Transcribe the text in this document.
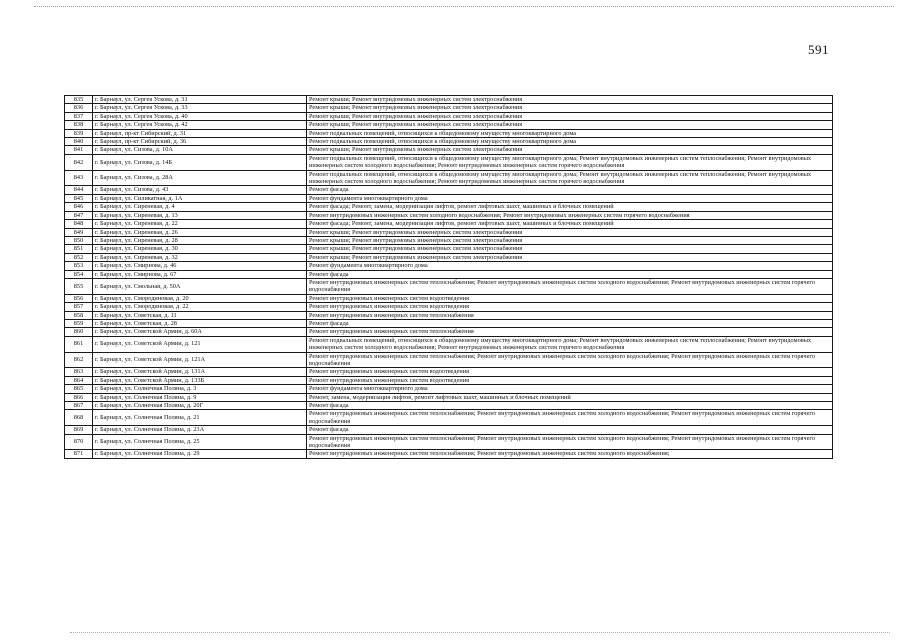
591
835	г. Барнаул, ул. Сергея Ускова, д. 31	Ремонт крыши; Ремонт внутридомовых инженерных систем электроснабжения
836	г. Барнаул, ул. Сергея Ускова, д. 33	Ремонт крыши; Ремонт внутридомовых инженерных систем электроснабжения
837	г. Барнаул, ул. Сергея Ускова, д. 40	Ремонт крыши; Ремонт внутридомовых инженерных систем электроснабжения
838	г. Барнаул, ул. Сергея Ускова, д. 42	Ремонт крыши; Ремонт внутридомовых инженерных систем электроснабжения
839	г. Барнаул, пр-кт Сибирский, д. 31	Ремонт подвальных помещений, относящихся к общедомовому имуществу многоквартирного дома
840	г. Барнаул, пр-кт Сибирский, д. 36	Ремонт подвальных помещений, относящихся к общедомовому имуществу многоквартирного дома
841	г. Барнаул, ул. Сизова, д. 10А	Ремонт крыши; Ремонт внутридомовых инженерных систем электроснабжения
842	г. Барнаул, ул. Сизова, д. 14Б	Ремонт подвальных помещений, относящихся к общедомовому имуществу многоквартирного дома; Ремонт внутридомовых инженерных систем теплоснабжения; Ремонт внутридомовых инженерных систем холодного водоснабжения; Ремонт внутридомовых инженерных систем горячего водоснабжения
843	г. Барнаул, ул. Сизова, д. 28А	Ремонт подвальных помещений, относящихся к общедомовому имуществу многоквартирного дома; Ремонт внутридомовых инженерных систем теплоснабжения; Ремонт внутридомовых инженерных систем холодного водоснабжения; Ремонт внутридомовых инженерных систем горячего водоснабжения
844	г. Барнаул, ул. Сизова, д. 43	Ремонт фасада
845	г. Барнаул, ул. Силикатная, д. 1А	Ремонт фундамента многоквартирного дома
846	г. Барнаул, ул. Сиреневая, д. 4	Ремонт фасада; Ремонт, замена, модернизация лифтов, ремонт лифтовых шахт, машинных и блочных помещений
847	г. Барнаул, ул. Сиреневая, д. 13	Ремонт внутридомовых инженерных систем холодного водоснабжения; Ремонт внутридомовых инженерных систем горячего водоснабжения
848	г. Барнаул, ул. Сиреневая, д. 22	Ремонт фасада; Ремонт, замена, модернизация лифтов, ремонт лифтовых шахт, машинных и блочных помещений
849	г. Барнаул, ул. Сиреневая, д. 26	Ремонт крыши; Ремонт внутридомовых инженерных систем электроснабжения
850	г. Барнаул, ул. Сиреневая, д. 28	Ремонт крыши; Ремонт внутридомовых инженерных систем электроснабжения
851	г. Барнаул, ул. Сиреневая, д. 30	Ремонт крыши; Ремонт внутридомовых инженерных систем электроснабжения
852	г. Барнаул, ул. Сиреневая, д. 32	Ремонт крыши; Ремонт внутридомовых инженерных систем электроснабжения
853	г. Барнаул, ул. Смирнова, д. 46	Ремонт фундамента многоквартирного дома
854	г. Барнаул, ул. Смирнова, д. 67	Ремонт фасада
855	г. Барнаул, ул. Смольная, д. 50А	Ремонт внутридомовых инженерных систем теплоснабжения; Ремонт внутридомовых инженерных систем холодного водоснабжения; Ремонт внутридомовых инженерных систем горячего водоснабжения
856	г. Барнаул, ул. Смородиновая, д. 20	Ремонт внутридомовых инженерных систем водоотведения
857	г. Барнаул, ул. Смородиновая, д. 22	Ремонт внутридомовых инженерных систем водоотведения
858	г. Барнаул, ул. Советская, д. 11	Ремонт внутридомовых инженерных систем теплоснабжения
859	г. Барнаул, ул. Советская, д. 28	Ремонт фасада
860	г. Барнаул, ул. Советской Армии, д. 60А	Ремонт внутридомовых инженерных систем теплоснабжения
861	г. Барнаул, ул. Советской Армии, д. 121	Ремонт подвальных помещений, относящихся к общедомовому имуществу многоквартирного дома; Ремонт внутридомовых инженерных систем теплоснабжения; Ремонт внутридомовых инженерных систем холодного водоснабжения; Ремонт внутридомовых инженерных систем горячего водоснабжения
862	г. Барнаул, ул. Советской Армии, д. 121А	Ремонт внутридомовых инженерных систем теплоснабжения; Ремонт внутридомовых инженерных систем холодного водоснабжения; Ремонт внутридомовых инженерных систем горячего водоснабжения
863	г. Барнаул, ул. Советской Армии, д. 131А	Ремонт внутридомовых инженерных систем водоотведения
864	г. Барнаул, ул. Советской Армии, д. 133Б	Ремонт внутридомовых инженерных систем водоотведения
865	г. Барнаул, ул. Солнечная Поляна, д. 3	Ремонт фундамента многоквартирного дома
866	г. Барнаул, ул. Солнечная Поляна, д. 9	Ремонт, замена, модернизация лифтов, ремонт лифтовых шахт, машинных и блочных помещений
867	г. Барнаул, ул. Солнечная Поляна, д. 20Г	Ремонт фасада
868	г. Барнаул, ул. Солнечная Поляна, д. 21	Ремонт внутридомовых инженерных систем теплоснабжения; Ремонт внутридомовых инженерных систем холодного водоснабжения; Ремонт внутридомовых инженерных систем горячего водоснабжения
869	г. Барнаул, ул. Солнечная Поляна, д. 23А	Ремонт фасада
870	г. Барнаул, ул. Солнечная Поляна, д. 25	Ремонт внутридомовых инженерных систем теплоснабжения; Ремонт внутридомовых инженерных систем холодного водоснабжения; Ремонт внутридомовых инженерных систем горячего водоснабжения
871	г. Барнаул, ул. Солнечная Поляна, д. 29	Ремонт внутридомовых инженерных систем теплоснабжения; Ремонт внутридомовых инженерных систем холодного водоснабжения;
